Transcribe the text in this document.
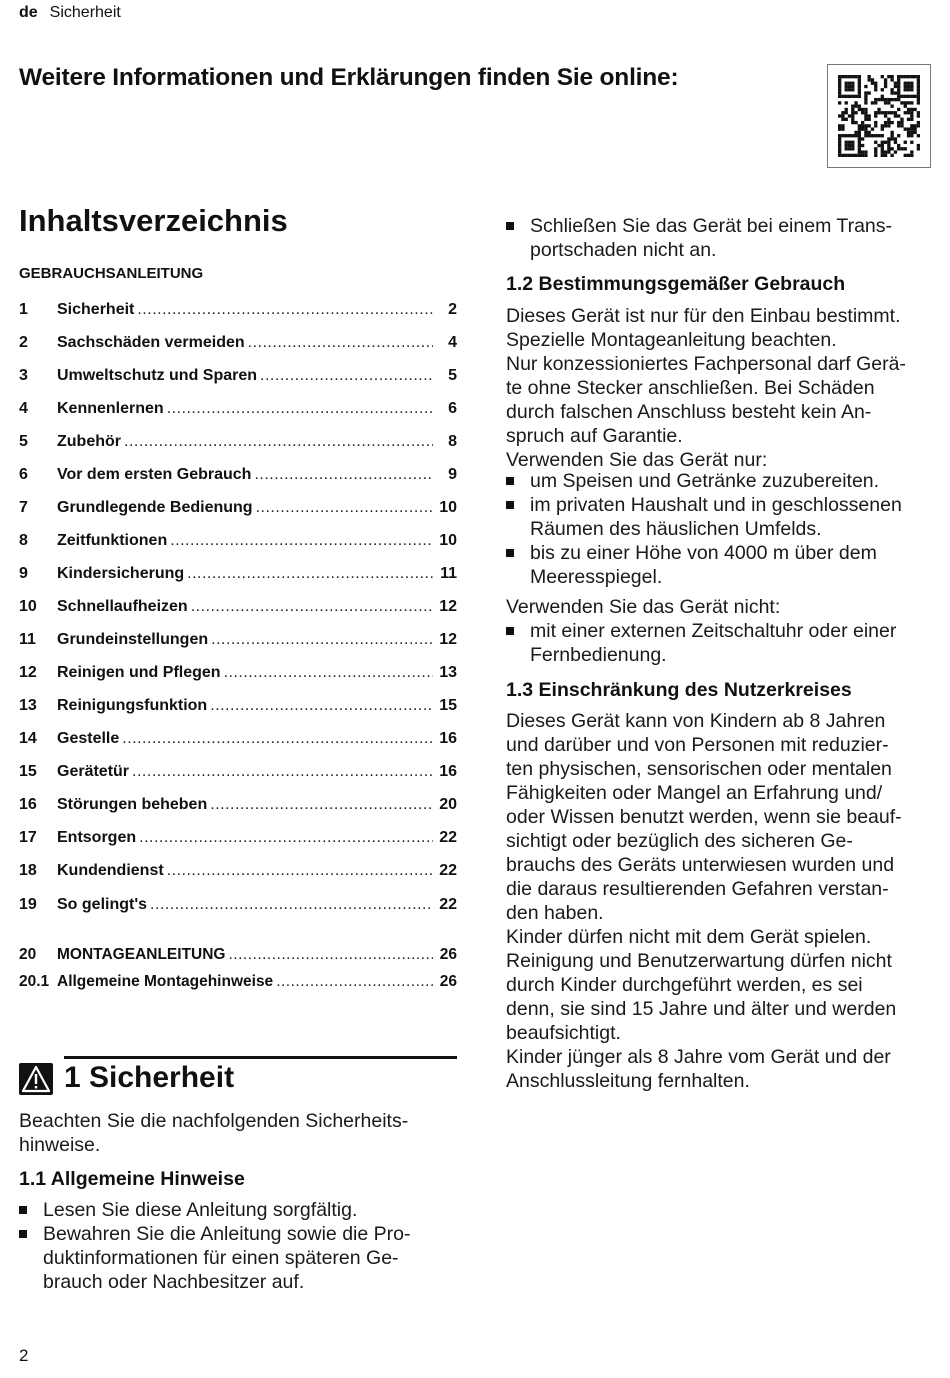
de Sicherheit
Weitere Informationen und Erklärungen finden Sie online:
Inhaltsverzeichnis
GEBRAUCHSANLEITUNG
1	Sicherheit .....	2
2	Sachschäden vermeiden .....	4
3	Umweltschutz und Sparen .....	5
4	Kennenlernen .....	6
5	Zubehör .....	8
6	Vor dem ersten Gebrauch .....	9
7	Grundlegende Bedienung .....	10
8	Zeitfunktionen .....	10
9	Kindersicherung .....	11
10	Schnellaufheizen .....	12
11	Grundeinstellungen .....	12
12	Reinigen und Pflegen .....	13
13	Reinigungsfunktion .....	15
14	Gestelle .....	16
15	Gerätetür .....	16
16	Störungen beheben .....	20
17	Entsorgen .....	22
18	Kundendienst .....	22
19	So gelingt's .....	22
20	MONTAGEANLEITUNG .....	26
20.1 Allgemeine Montagehinweise .....	26
1 Sicherheit
Beachten Sie die nachfolgenden Sicherheits-
hinweise.
1.1 Allgemeine Hinweise
Lesen Sie diese Anleitung sorgfältig.
Bewahren Sie die Anleitung sowie die Pro-
duktinformationen für einen späteren Ge-
brauch oder Nachbesitzer auf.
Schließen Sie das Gerät bei einem Trans-
portschaden nicht an.
1.2 Bestimmungsgemäßer Gebrauch
Dieses Gerät ist nur für den Einbau bestimmt.
Spezielle Montageanleitung beachten.
Nur konzessioniertes Fachpersonal darf Gerä-
te ohne Stecker anschließen. Bei Schäden
durch falschen Anschluss besteht kein An-
spruch auf Garantie.
Verwenden Sie das Gerät nur:
um Speisen und Getränke zuzubereiten.
im privaten Haushalt und in geschlossenen
Räumen des häuslichen Umfelds.
bis zu einer Höhe von 4000 m über dem
Meeresspiegel.
Verwenden Sie das Gerät nicht:
mit einer externen Zeitschaltuhr oder einer
Fernbedienung.
1.3 Einschränkung des Nutzerkreises
Dieses Gerät kann von Kindern ab 8 Jahren
und darüber und von Personen mit reduzier-
ten physischen, sensorischen oder mentalen
Fähigkeiten oder Mangel an Erfahrung und/
oder Wissen benutzt werden, wenn sie beauf-
sichtigt oder bezüglich des sicheren Ge-
brauchs des Geräts unterwiesen wurden und
die daraus resultierenden Gefahren verstan-
den haben.
Kinder dürfen nicht mit dem Gerät spielen.
Reinigung und Benutzerwartung dürfen nicht
durch Kinder durchgeführt werden, es sei
denn, sie sind 15 Jahre und älter und werden
beaufsichtigt.
Kinder jünger als 8 Jahre vom Gerät und der
Anschlussleitung fernhalten.
2
